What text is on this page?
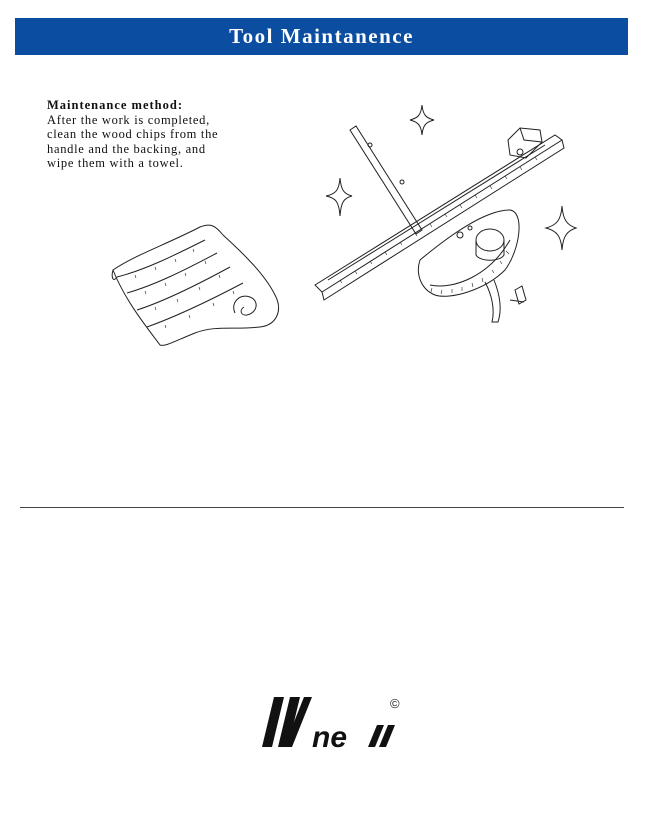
Tool Maintanence
Maintenance method:
After the work is completed,
clean the wood chips from the
handle and the backing, and
wipe them with a towel.
ne
©
